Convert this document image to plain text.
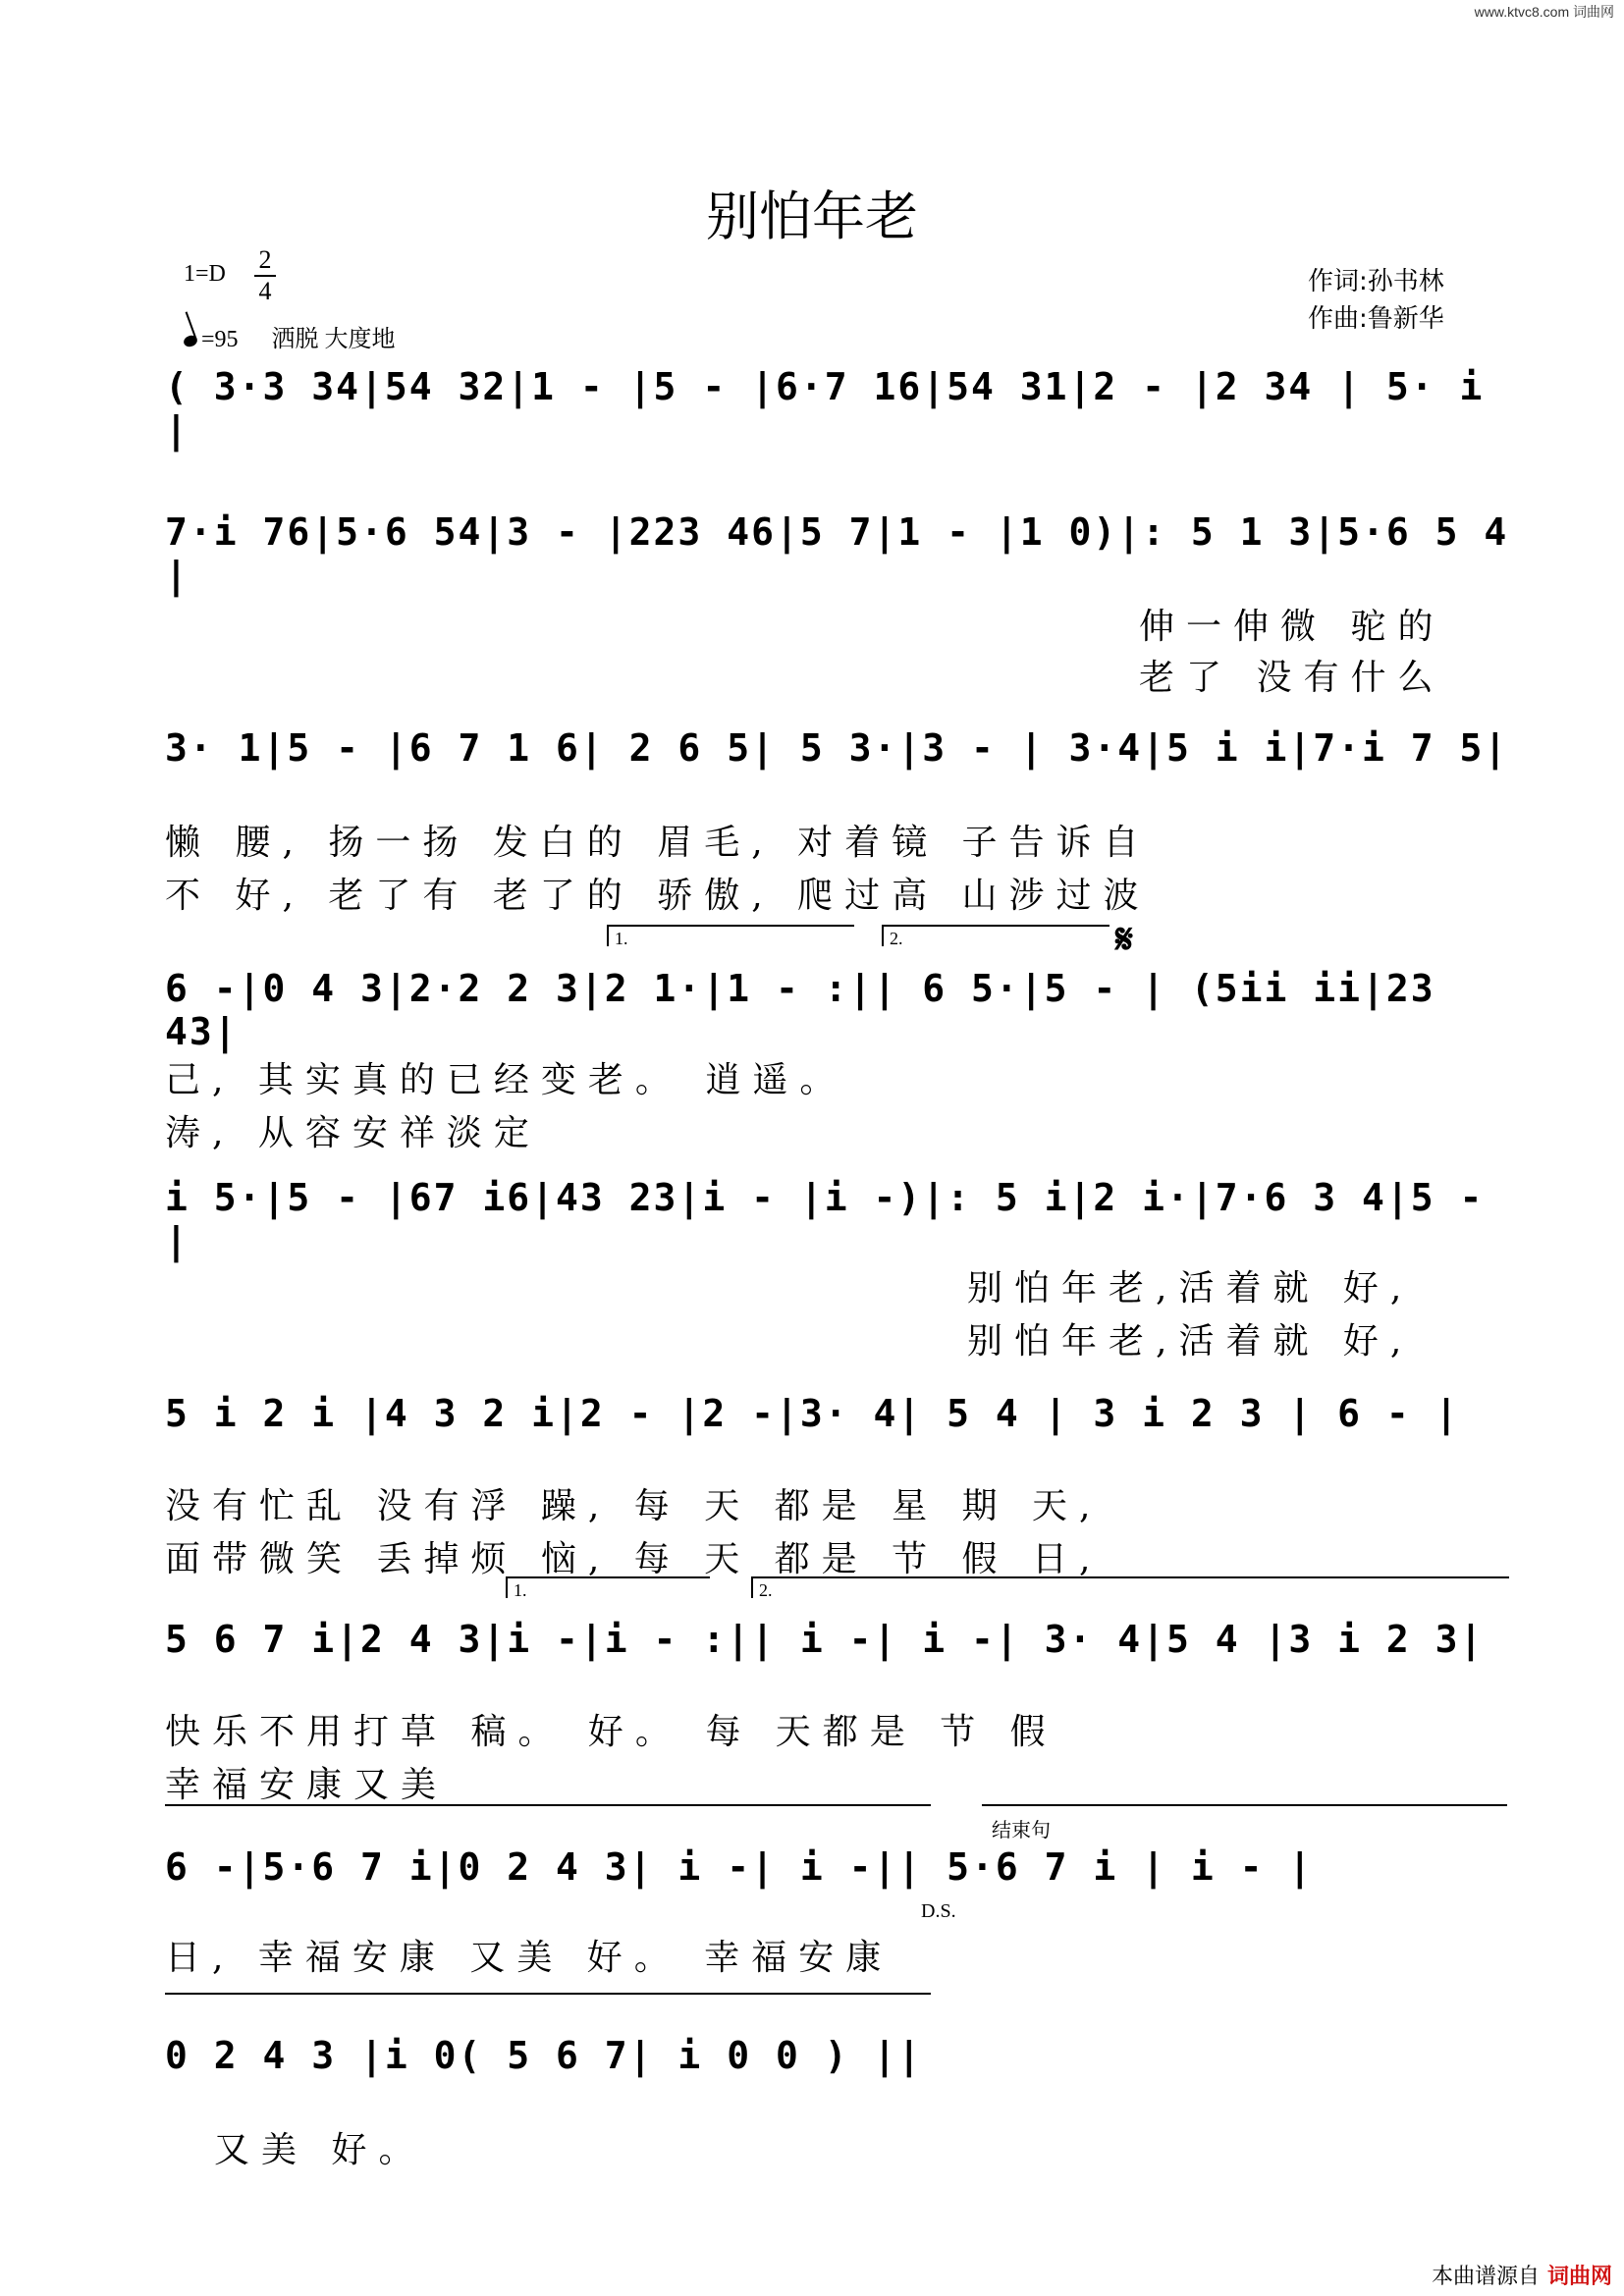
www.ktvc8.com 词曲网
别怕年老
1=D 2
4
=95 洒脱 大度地
作词:孙书林
作曲:鲁新华
( 3·3 34|54 32|1 - |5 - |6·7 16|54 31|2 - |2 34 | 5· i |
7·i 76|5·6 54|3 - |223 46|5 7|1 - |1 0)|: 5 1 3|5·6 5 4 |
伸一伸微 驼的
老了 没有什么
3· 1|5 - |6 7 1 6| 2 6 5| 5 3·|3 - | 3·4|5 i i|7·i 7 5|
懒 腰, 扬一扬 发白的 眉毛, 对着镜 子告诉自
不 好, 老了有 老了的 骄傲, 爬过高 山涉过波
1.	2.	𝄋
6 -|0 4 3|2·2 2 3|2 1·|1 - :|| 6 5·|5 - | (5ii ii|23 43|
己, 其实真的已经变老。 逍遥。
涛, 从容安祥淡定
i 5·|5 - |67 i6|43 23|i - |i -)|: 5 i|2 i·|7·6 3 4|5 - |
别怕年老,活着就 好,
别怕年老,活着就 好,
5 i 2 i |4 3 2 i|2 - |2 -|3· 4| 5 4 | 3 i 2 3 | 6 - |
没有忙乱 没有浮 躁, 每 天 都是 星 期 天,
面带微笑 丢掉烦 恼, 每 天 都是 节 假 日,
1.	2.
5 6 7 i|2 4 3|i -|i - :|| i -| i -| 3· 4|5 4 |3 i 2 3|
快乐不用打草 稿。 好。 每 天都是 节 假
幸福安康又美
结束句
6 -|5·6 7 i|0 2 4 3| i -| i -|| 5·6 7 i | i - |
D.S.
日, 幸福安康 又美 好。 幸福安康
0 2 4 3 |i 0( 5 6 7| i 0 0 ) ||
又美 好。
本曲谱源自 词曲网
